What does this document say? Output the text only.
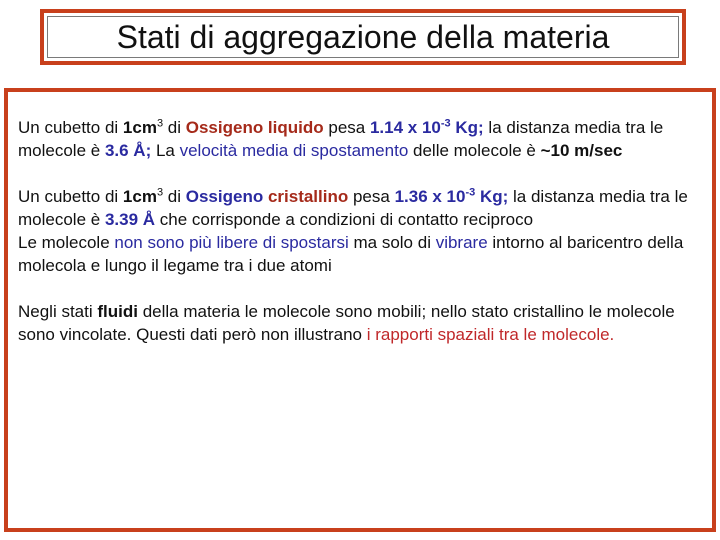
Stati di aggregazione della materia

Un cubetto di $1cm^3$ di Ossigeno liquido pesa 1.14 x $10^{-3}$ Kg; la distanza media tra le molecole è 3.6 Å; La velocità media di spostamento delle molecole è ~10 m/sec

Un cubetto di $1cm^3$ di Ossigeno cristallino pesa 1.36 x $10^{-3}$ Kg; la distanza media tra le molecole è 3.39 Å che corrisponde a condizioni di contatto reciproco

Le molecole non sono più libere di spostarsi ma solo di vibrare intorno al baricentro della molecola e lungo il legame tra i due atomi

Negli stati fluidi della materia le molecole sono mobili; nello stato cristallino le molecole sono vincolate. Questi dati però non illustrano i rapporti spaziali tra le molecole.
